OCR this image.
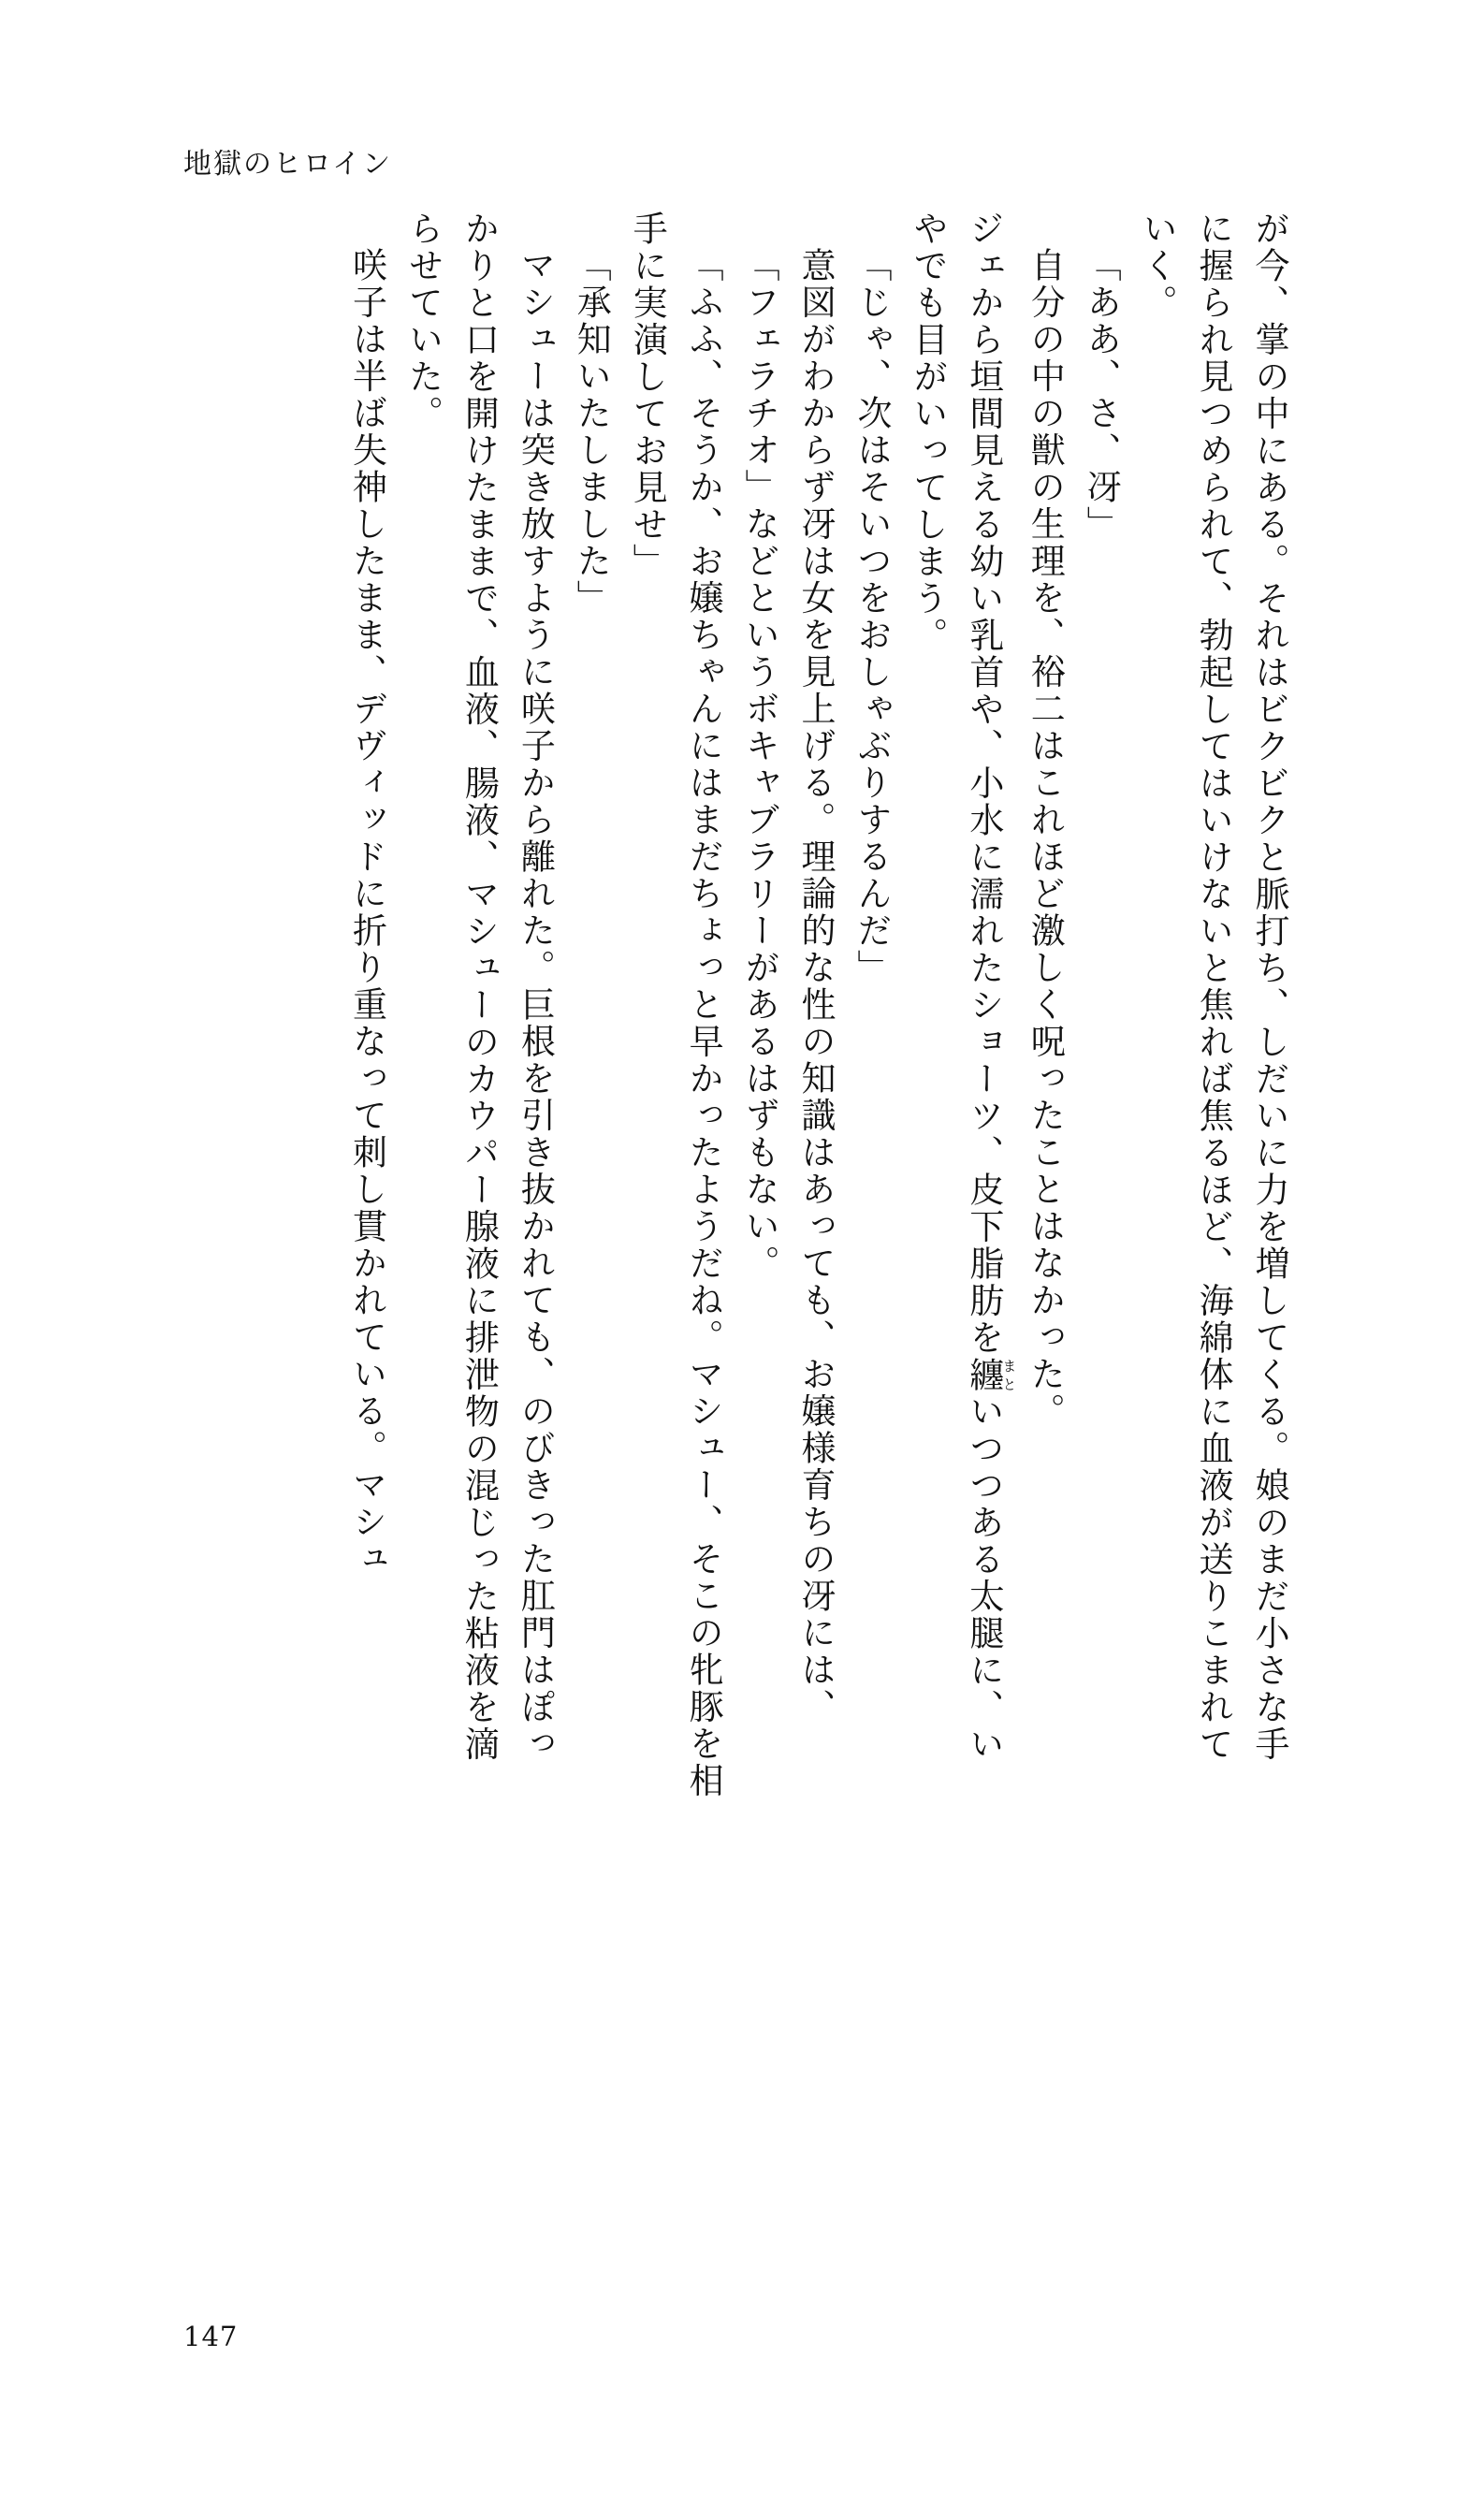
地獄のヒロイン

が今、掌の中にある。それはビクビクと脈打ち、しだいに力を増してくる。娘のまだ小さな手

に握られ見つめられて、勃起してはいけないと焦れば焦るほど、海綿体に血液が送りこまれて

いく。

「ああ、さ、冴」

自分の中の獣の生理を、裕二はこれほど激しく呪ったことはなかった。

ジェから垣間見える幼い乳首や、小水に濡れたショーツ、皮下脂肪を纏まといつつある太腿に、い

やでも目がいってしまう。

「じゃ、次はそいつをおしゃぶりするんだ」

意図がわからず冴は女を見上げる。理論的な性の知識はあっても、お嬢様育ちの冴には、

「フェラチオ」などというボキャブラリーがあるはずもない。

「ふふ、そうか、お嬢ちゃんにはまだちょっと早かったようだね。マシュー、そこの牝豚を相

手に実演してお見せ」

「承知いたしました」

マシューは突き放すように咲子から離れた。巨根を引き抜かれても、のびきった肛門はぽっ

かりと口を開けたままで、血液、腸液、マシューのカウパー腺液に排泄物の混じった粘液を滴

らせていた。

咲子は半ば失神したまま、デヴィッドに折り重なって刺し貫かれている。マシュ

147
